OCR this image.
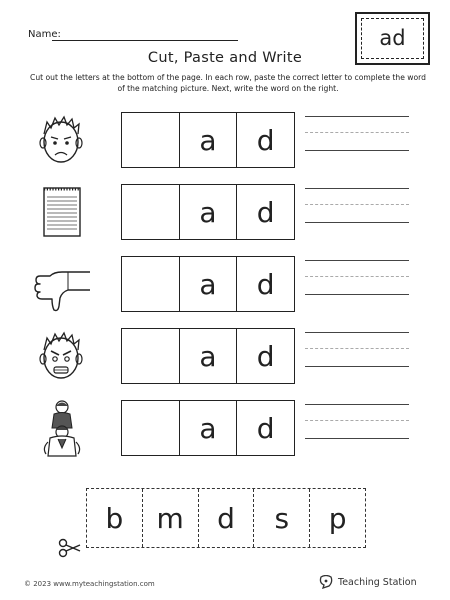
Name:
Cut, Paste and Write
ad
Cut out the letters at the bottom of the page. In each row, paste the correct letter to complete the word of the matching picture. Next, write the word on the right.
a	d
a	d
a	d
a	d
a	d
b	m	d	s	p
© 2023 www.myteachingstation.com	Teaching Station
